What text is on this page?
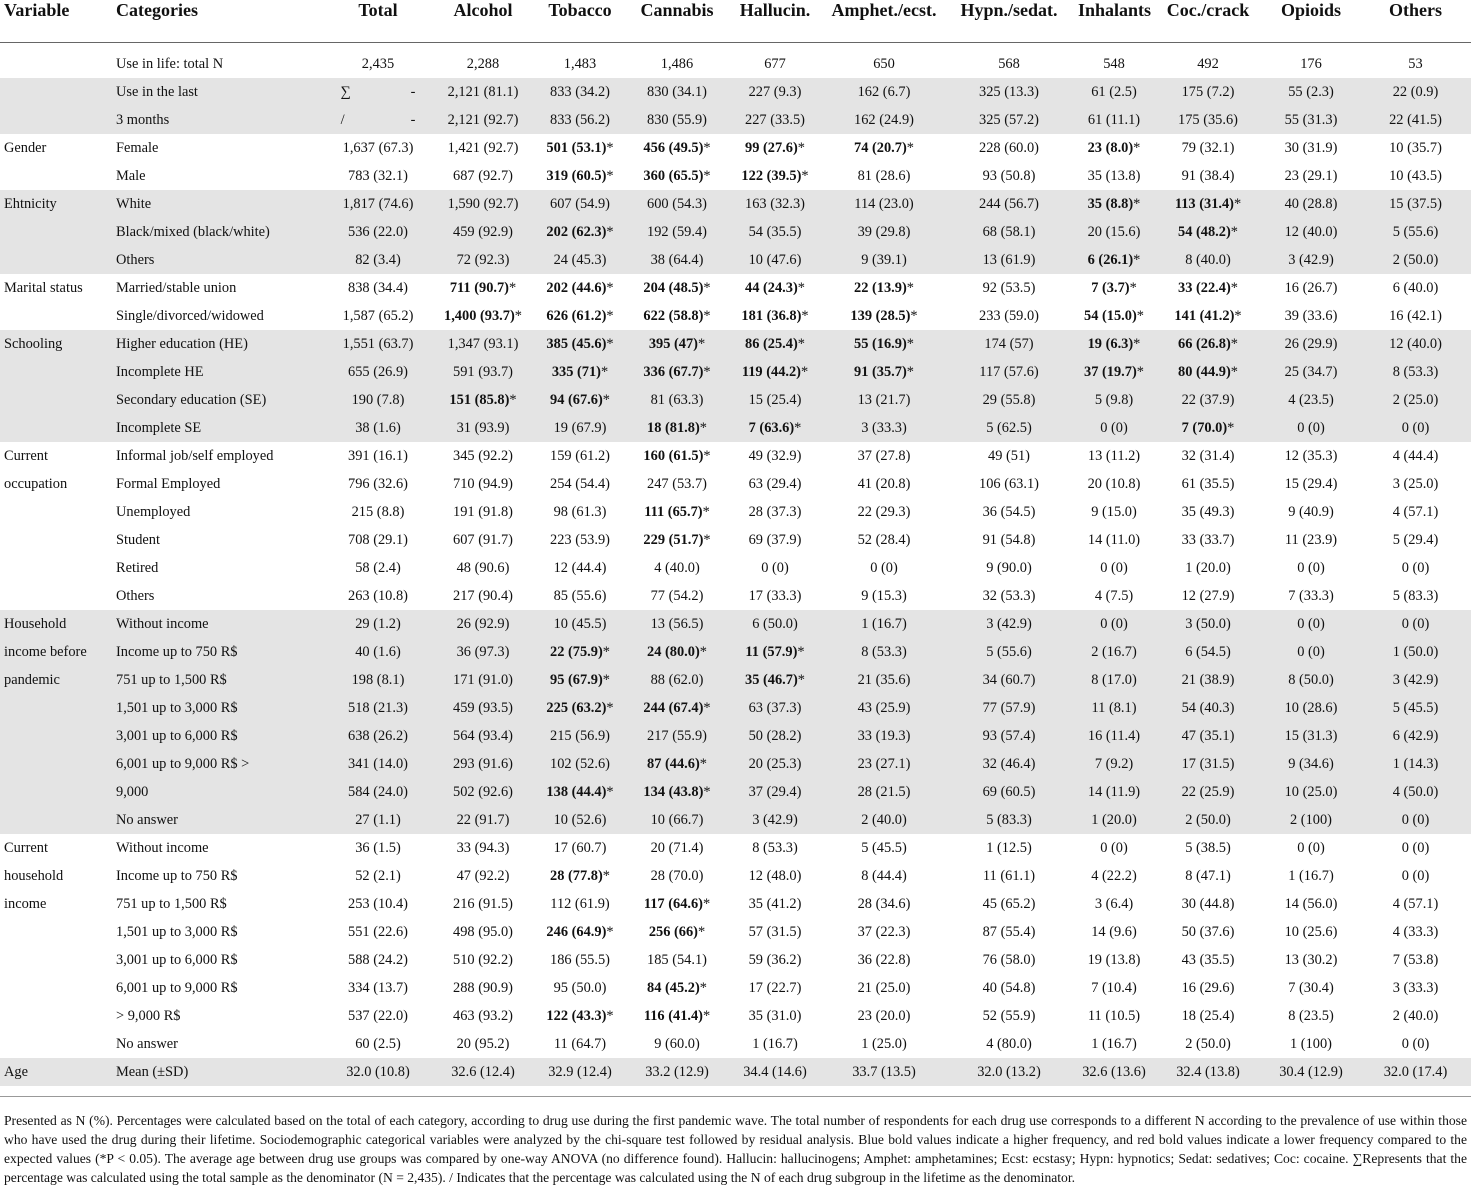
Variable	Categories	Total	Alcohol	Tobacco	Cannabis	Hallucin.	Amphet./ecst.	Hypn./sedat.	Inhalants	Coc./crack	Opioids	Others

	Use in life: total N	2,435	2,288	1,483	1,486	677	650	568	548	492	176	53
	Use in the last	∑ -	2,121 (81.1)	833 (34.2)	830 (34.1)	227 (9.3)	162 (6.7)	325 (13.3)	61 (2.5)	175 (7.2)	55 (2.3)	22 (0.9)
	3 months	/ -	2,121 (92.7)	833 (56.2)	830 (55.9)	227 (33.5)	162 (24.9)	325 (57.2)	61 (11.1)	175 (35.6)	55 (31.3)	22 (41.5)
Gender	Female	1,637 (67.3)	1,421 (92.7)	501 (53.1)*	456 (49.5)*	99 (27.6)*	74 (20.7)*	228 (60.0)	23 (8.0)*	79 (32.1)	30 (31.9)	10 (35.7)
	Male	783 (32.1)	687 (92.7)	319 (60.5)*	360 (65.5)*	122 (39.5)*	81 (28.6)	93 (50.8)	35 (13.8)	91 (38.4)	23 (29.1)	10 (43.5)
Ehtnicity	White	1,817 (74.6)	1,590 (92.7)	607 (54.9)	600 (54.3)	163 (32.3)	114 (23.0)	244 (56.7)	35 (8.8)*	113 (31.4)*	40 (28.8)	15 (37.5)
	Black/mixed (black/white)	536 (22.0)	459 (92.9)	202 (62.3)*	192 (59.4)	54 (35.5)	39 (29.8)	68 (58.1)	20 (15.6)	54 (48.2)*	12 (40.0)	5 (55.6)
	Others	82 (3.4)	72 (92.3)	24 (45.3)	38 (64.4)	10 (47.6)	9 (39.1)	13 (61.9)	6 (26.1)*	8 (40.0)	3 (42.9)	2 (50.0)
Marital status	Married/stable union	838 (34.4)	711 (90.7)*	202 (44.6)*	204 (48.5)*	44 (24.3)*	22 (13.9)*	92 (53.5)	7 (3.7)*	33 (22.4)*	16 (26.7)	6 (40.0)
	Single/divorced/widowed	1,587 (65.2)	1,400 (93.7)*	626 (61.2)*	622 (58.8)*	181 (36.8)*	139 (28.5)*	233 (59.0)	54 (15.0)*	141 (41.2)*	39 (33.6)	16 (42.1)
Schooling	Higher education (HE)	1,551 (63.7)	1,347 (93.1)	385 (45.6)*	395 (47)*	86 (25.4)*	55 (16.9)*	174 (57)	19 (6.3)*	66 (26.8)*	26 (29.9)	12 (40.0)
	Incomplete HE	655 (26.9)	591 (93.7)	335 (71)*	336 (67.7)*	119 (44.2)*	91 (35.7)*	117 (57.6)	37 (19.7)*	80 (44.9)*	25 (34.7)	8 (53.3)
	Secondary education (SE)	190 (7.8)	151 (85.8)*	94 (67.6)*	81 (63.3)	15 (25.4)	13 (21.7)	29 (55.8)	5 (9.8)	22 (37.9)	4 (23.5)	2 (25.0)
	Incomplete SE	38 (1.6)	31 (93.9)	19 (67.9)	18 (81.8)*	7 (63.6)*	3 (33.3)	5 (62.5)	0 (0)	7 (70.0)*	0 (0)	0 (0)
Current	Informal job/self employed	391 (16.1)	345 (92.2)	159 (61.2)	160 (61.5)*	49 (32.9)	37 (27.8)	49 (51)	13 (11.2)	32 (31.4)	12 (35.3)	4 (44.4)
occupation	Formal Employed	796 (32.6)	710 (94.9)	254 (54.4)	247 (53.7)	63 (29.4)	41 (20.8)	106 (63.1)	20 (10.8)	61 (35.5)	15 (29.4)	3 (25.0)
	Unemployed	215 (8.8)	191 (91.8)	98 (61.3)	111 (65.7)*	28 (37.3)	22 (29.3)	36 (54.5)	9 (15.0)	35 (49.3)	9 (40.9)	4 (57.1)
	Student	708 (29.1)	607 (91.7)	223 (53.9)	229 (51.7)*	69 (37.9)	52 (28.4)	91 (54.8)	14 (11.0)	33 (33.7)	11 (23.9)	5 (29.4)
	Retired	58 (2.4)	48 (90.6)	12 (44.4)	4 (40.0)	0 (0)	0 (0)	9 (90.0)	0 (0)	1 (20.0)	0 (0)	0 (0)
	Others	263 (10.8)	217 (90.4)	85 (55.6)	77 (54.2)	17 (33.3)	9 (15.3)	32 (53.3)	4 (7.5)	12 (27.9)	7 (33.3)	5 (83.3)
Household	Without income	29 (1.2)	26 (92.9)	10 (45.5)	13 (56.5)	6 (50.0)	1 (16.7)	3 (42.9)	0 (0)	3 (50.0)	0 (0)	0 (0)
income before	Income up to 750 R$	40 (1.6)	36 (97.3)	22 (75.9)*	24 (80.0)*	11 (57.9)*	8 (53.3)	5 (55.6)	2 (16.7)	6 (54.5)	0 (0)	1 (50.0)
pandemic	751 up to 1,500 R$	198 (8.1)	171 (91.0)	95 (67.9)*	88 (62.0)	35 (46.7)*	21 (35.6)	34 (60.7)	8 (17.0)	21 (38.9)	8 (50.0)	3 (42.9)
	1,501 up to 3,000 R$	518 (21.3)	459 (93.5)	225 (63.2)*	244 (67.4)*	63 (37.3)	43 (25.9)	77 (57.9)	11 (8.1)	54 (40.3)	10 (28.6)	5 (45.5)
	3,001 up to 6,000 R$	638 (26.2)	564 (93.4)	215 (56.9)	217 (55.9)	50 (28.2)	33 (19.3)	93 (57.4)	16 (11.4)	47 (35.1)	15 (31.3)	6 (42.9)
	6,001 up to 9,000 R$ >	341 (14.0)	293 (91.6)	102 (52.6)	87 (44.6)*	20 (25.3)	23 (27.1)	32 (46.4)	7 (9.2)	17 (31.5)	9 (34.6)	1 (14.3)
	9,000	584 (24.0)	502 (92.6)	138 (44.4)*	134 (43.8)*	37 (29.4)	28 (21.5)	69 (60.5)	14 (11.9)	22 (25.9)	10 (25.0)	4 (50.0)
	No answer	27 (1.1)	22 (91.7)	10 (52.6)	10 (66.7)	3 (42.9)	2 (40.0)	5 (83.3)	1 (20.0)	2 (50.0)	2 (100)	0 (0)
Current	Without income	36 (1.5)	33 (94.3)	17 (60.7)	20 (71.4)	8 (53.3)	5 (45.5)	1 (12.5)	0 (0)	5 (38.5)	0 (0)	0 (0)
household	Income up to 750 R$	52 (2.1)	47 (92.2)	28 (77.8)*	28 (70.0)	12 (48.0)	8 (44.4)	11 (61.1)	4 (22.2)	8 (47.1)	1 (16.7)	0 (0)
income	751 up to 1,500 R$	253 (10.4)	216 (91.5)	112 (61.9)	117 (64.6)*	35 (41.2)	28 (34.6)	45 (65.2)	3 (6.4)	30 (44.8)	14 (56.0)	4 (57.1)
	1,501 up to 3,000 R$	551 (22.6)	498 (95.0)	246 (64.9)*	256 (66)*	57 (31.5)	37 (22.3)	87 (55.4)	14 (9.6)	50 (37.6)	10 (25.6)	4 (33.3)
	3,001 up to 6,000 R$	588 (24.2)	510 (92.2)	186 (55.5)	185 (54.1)	59 (36.2)	36 (22.8)	76 (58.0)	19 (13.8)	43 (35.5)	13 (30.2)	7 (53.8)
	6,001 up to 9,000 R$	334 (13.7)	288 (90.9)	95 (50.0)	84 (45.2)*	17 (22.7)	21 (25.0)	40 (54.8)	7 (10.4)	16 (29.6)	7 (30.4)	3 (33.3)
	> 9,000 R$	537 (22.0)	463 (93.2)	122 (43.3)*	116 (41.4)*	35 (31.0)	23 (20.0)	52 (55.9)	11 (10.5)	18 (25.4)	8 (23.5)	2 (40.0)
	No answer	60 (2.5)	20 (95.2)	11 (64.7)	9 (60.0)	1 (16.7)	1 (25.0)	4 (80.0)	1 (16.7)	2 (50.0)	1 (100)	0 (0)
Age	Mean (±SD)	32.0 (10.8)	32.6 (12.4)	32.9 (12.4)	33.2 (12.9)	34.4 (14.6)	33.7 (13.5)	32.0 (13.2)	32.6 (13.6)	32.4 (13.8)	30.4 (12.9)	32.0 (17.4)
Presented as N (%). Percentages were calculated based on the total of each category, according to drug use during the first pandemic wave. The total number of respondents for each drug use corresponds to a different N according to the prevalence of use within those who have used the drug during their lifetime. Sociodemographic categorical variables were analyzed by the chi-square test followed by residual analysis. Blue bold values indicate a higher frequency, and red bold values indicate a lower frequency compared to the expected values (*P < 0.05). The average age between drug use groups was compared by one-way ANOVA (no difference found). Hallucin: hallucinogens; Amphet: amphetamines; Ecst: ecstasy; Hypn: hypnotics; Sedat: sedatives; Coc: cocaine. ∑Represents that the percentage was calculated using the total sample as the denominator (N = 2,435). / Indicates that the percentage was calculated using the N of each drug subgroup in the lifetime as the denominator.
